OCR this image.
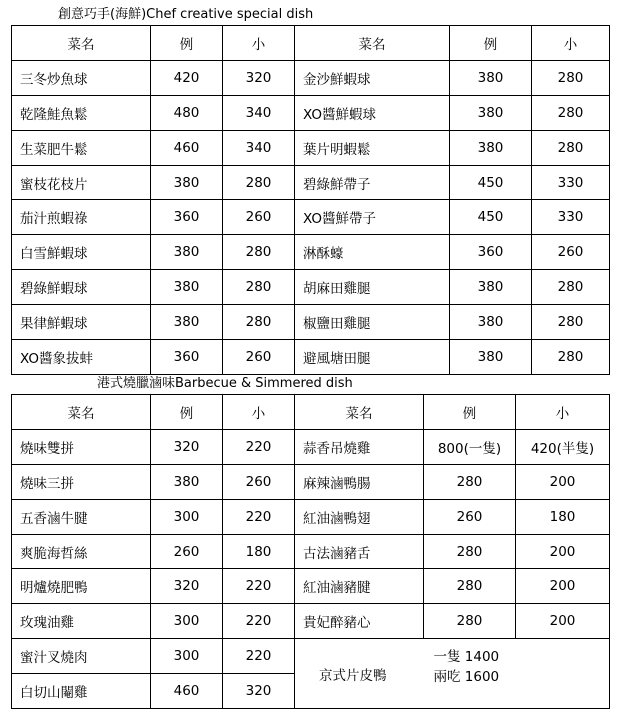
創意巧手(海鮮)Chef creative special dish
菜名	例	小	菜名	例	小
三冬炒魚球	420	320	金沙鮮蝦球	380	280
乾隆鮭魚鬆	480	340	XO醬鮮蝦球	380	280
生菜肥牛鬆	460	340	葉片明蝦鬆	380	280
蜜枝花枝片	380	280	碧綠鮮帶子	450	330
茄汁煎蝦祿	360	260	XO醬鮮帶子	450	330
白雪鮮蝦球	380	280	淋酥蠔	360	260
碧綠鮮蝦球	380	280	胡麻田雞腿	380	280
果律鮮蝦球	380	280	椒鹽田雞腿	380	280
XO醬象拔蚌	360	260	避風塘田腿	380	280
港式燒臘滷味Barbecue & Simmered dish
菜名	例	小	菜名	例	小
燒味雙拼	320	220	蒜香吊燒雞	800(一隻)	420(半隻)
燒味三拼	380	260	麻辣滷鴨腸	280	200
五香滷牛腱	300	220	紅油滷鴨翅	260	180
爽脆海哲絲	260	180	古法滷豬舌	280	200
明爐燒肥鴨	320	220	紅油滷豬腱	280	200
玫瑰油雞	300	220	貴妃醉豬心	280	200
蜜汁叉燒肉	300	220	京式片皮鴨	一隻 1400
兩吃 1600	

白切山閹雞	460	320			
